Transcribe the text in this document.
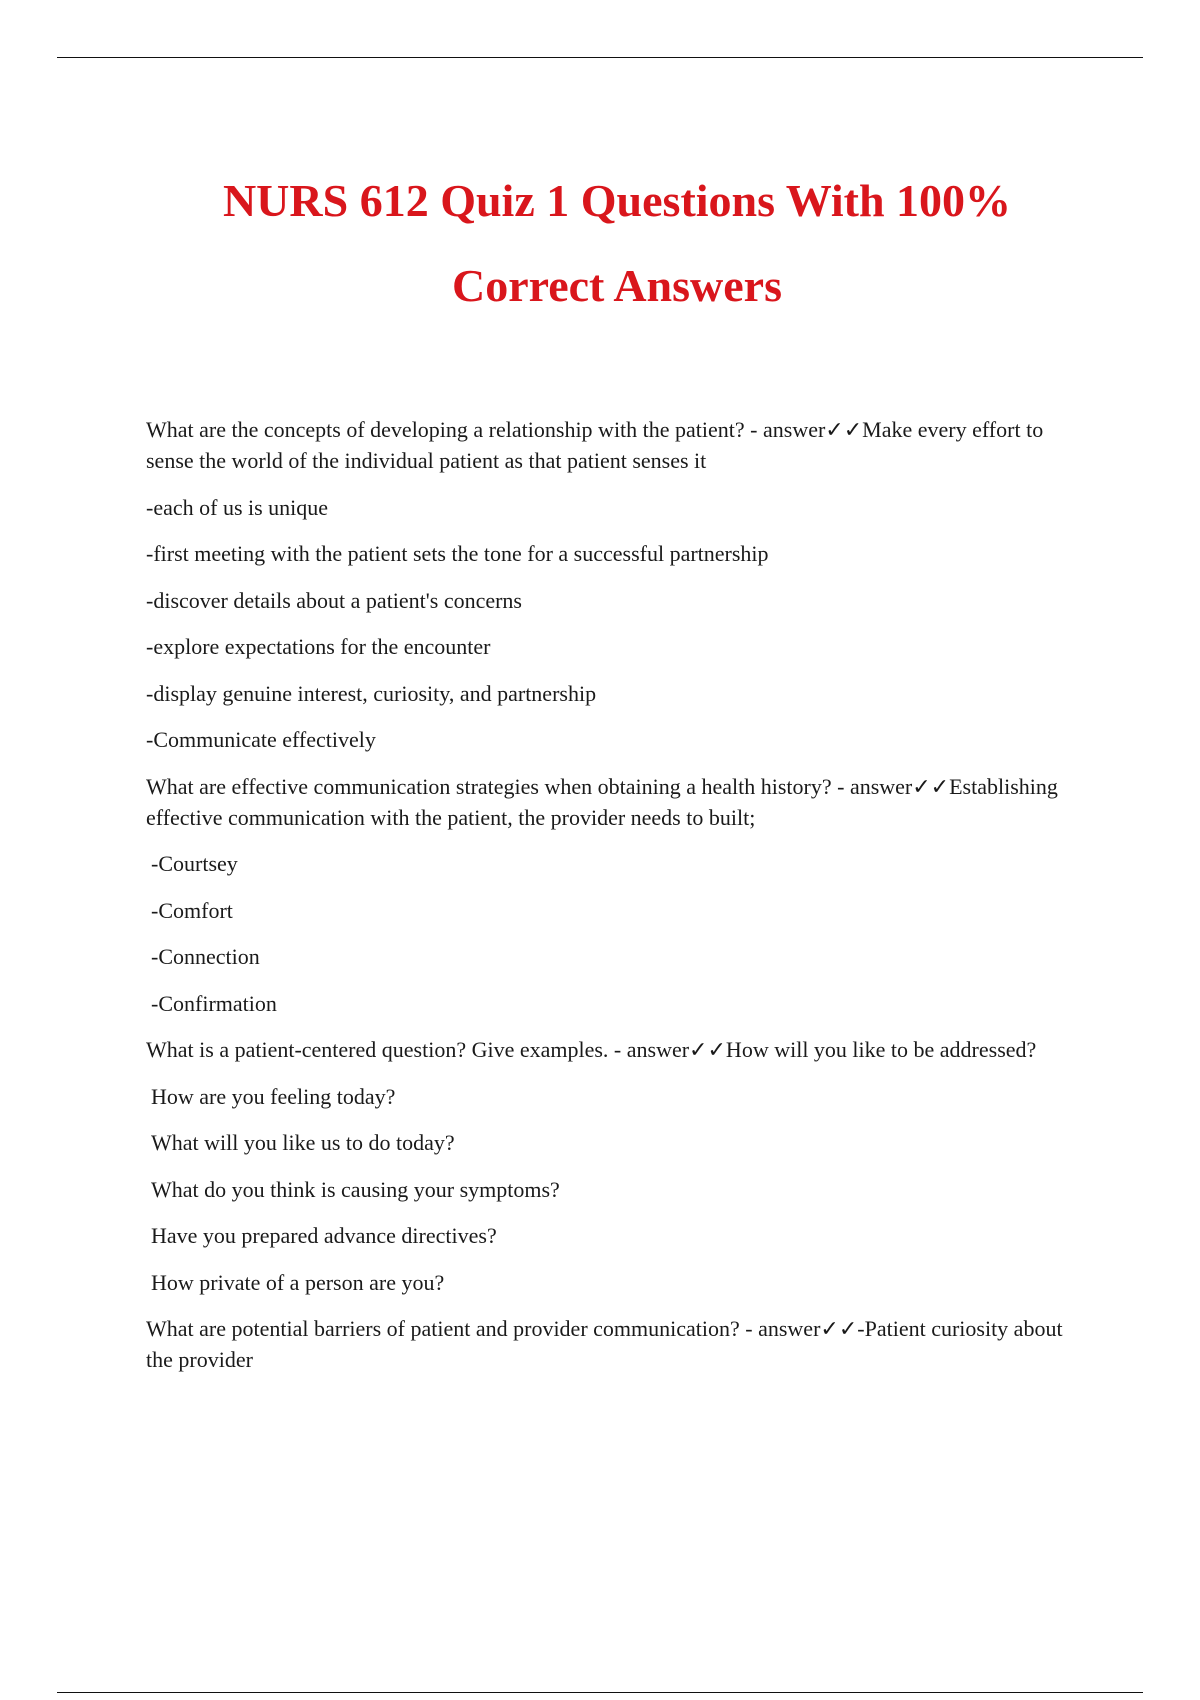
NURS 612 Quiz 1 Questions With 100%
Correct Answers

What are the concepts of developing a relationship with the patient? - answer✓✓Make every effort to sense the world of the individual patient as that patient senses it

-each of us is unique

-first meeting with the patient sets the tone for a successful partnership

-discover details about a patient's concerns

-explore expectations for the encounter

-display genuine interest, curiosity, and partnership

-Communicate effectively

What are effective communication strategies when obtaining a health history? - answer✓✓Establishing effective communication with the patient, the provider needs to built;

-Courtsey

-Comfort

-Connection

-Confirmation

What is a patient-centered question? Give examples. - answer✓✓How will you like to be addressed?

How are you feeling today?

What will you like us to do today?

What do you think is causing your symptoms?

Have you prepared advance directives?

How private of a person are you?

What are potential barriers of patient and provider communication? - answer✓✓-Patient curiosity about the provider
